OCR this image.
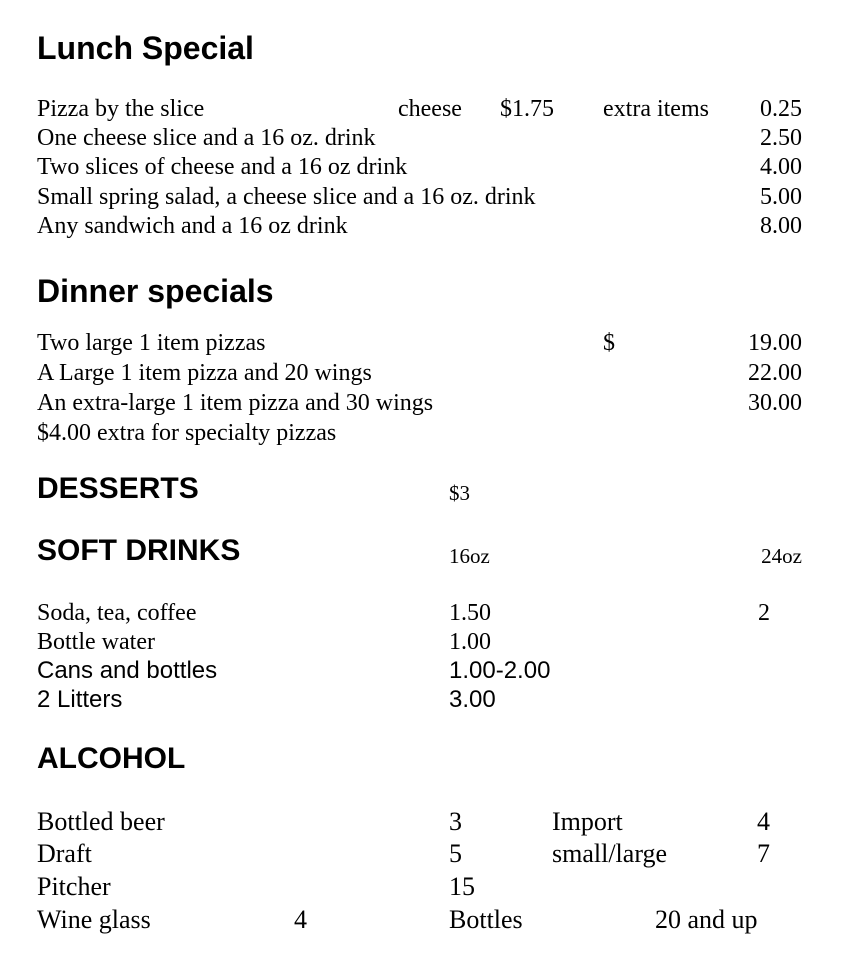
Lunch Special
Pizza by the slice	cheese $1.75 extra items 0.25
One cheese slice and a 16 oz. drink	2.50
Two slices of cheese and a 16 oz drink	4.00
Small spring salad, a cheese slice and a 16 oz. drink	5.00
Any sandwich and a 16 oz drink	8.00
Dinner specials
Two large 1 item pizzas	$	19.00
A Large 1 item pizza and 20 wings	22.00
An extra-large 1 item pizza and 30 wings	30.00
$4.00 extra for specialty pizzas
DESSERTS	$3
SOFT DRINKS	16oz	24oz
Soda, tea, coffee	1.50	2
Bottle water	1.00
Cans and bottles	1.00-2.00
2 Litters	3.00
ALCOHOL
Bottled beer	3	Import	4
Draft	5	small/large	7
Pitcher	15
Wine glass	4	Bottles	20 and up
